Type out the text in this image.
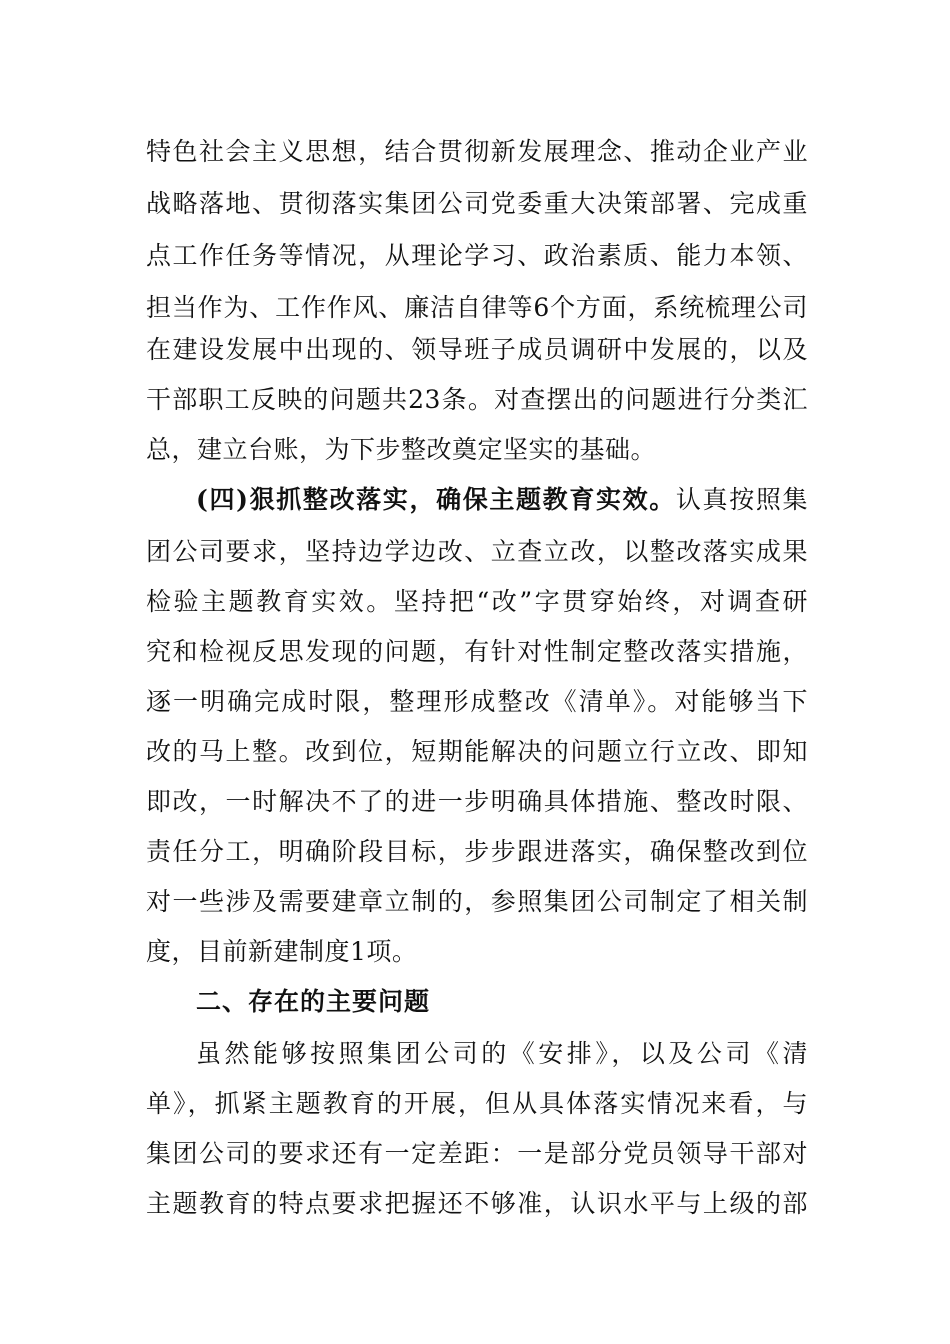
特色社会主义思想，结合贯彻新发展理念、推动企业产业
战略落地、贯彻落实集团公司党委重大决策部署、完成重
点工作任务等情况，从理论学习、政治素质、能力本领、
担当作为、工作作风、廉洁自律等6个方面，系统梳理公司
在建设发展中出现的、领导班子成员调研中发展的，以及
干部职工反映的问题共23条。对查摆出的问题进行分类汇
总，建立台账，为下步整改奠定坚实的基础。
(四)狠抓整改落实，确保主题教育实效。认真按照集
团公司要求，坚持边学边改、立查立改，以整改落实成果
检验主题教育实效。坚持把“改”字贯穿始终，对调查研
究和检视反思发现的问题，有针对性制定整改落实措施，
逐一明确完成时限，整理形成整改《清单》。对能够当下
改的马上整。改到位，短期能解决的问题立行立改、即知
即改，一时解决不了的进一步明确具体措施、整改时限、
责任分工，明确阶段目标，步步跟进落实，确保整改到位
对一些涉及需要建章立制的，参照集团公司制定了相关制
度，目前新建制度1项。
二、存在的主要问题
虽然能够按照集团公司的《安排》，以及公司《清
单》，抓紧主题教育的开展，但从具体落实情况来看，与
集团公司的要求还有一定差距：一是部分党员领导干部对
主题教育的特点要求把握还不够准，认识水平与上级的部
